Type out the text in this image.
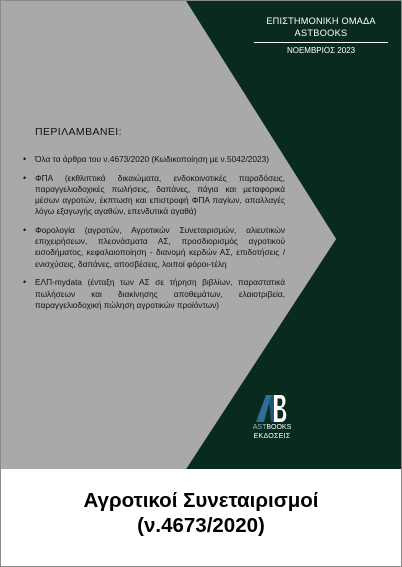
ΕΠΙΣΤΗΜΟΝΙΚΗ ΟΜΑΔΑ
ASTBOOKS
ΝΟΕΜΒΡΙΟΣ 2023
ΠΕΡΙΛΑΜΒΑΝΕΙ:
• Όλα τα άρθρα του ν.4673/2020 (Κωδικοποίηση με ν.5042/2023)
• ΦΠΑ (εκθλιπτικά δικαιώματα, ενδοκοινοτικές παραδόσεις, παραγγελιοδοχικές πωλήσεις, δαπάνες, πάγια και μεταφορικά μέσων αγροτών, έκπτωση και επιστροφή ΦΠΑ παγίων, απαλλαγές λόγω εξαγωγής αγαθών, επενδυτικά αγαθά)
• Φορολογία (αγροτών, Αγροτικών Συνεταιρισμών, αλιευτικών επιχειρήσεων, πλεονάσματα ΑΣ, προσδιορισμός αγροτικού εισοδήματος, κεφαλαιοποίηση - διανομή κερδών ΑΣ, επιδοτήσεις / ενισχύσεις, δαπάνες, αποσβέσεις, λοιποί φόροι-τέλη
• ΕΛΠ-mydata (ένταξη των ΑΣ σε τήρηση βιβλίων, παραστατικά πωλήσεων και διακίνησης αποθεμάτων, ελαιοτριβεία, παραγγελιοδοχική πώληση αγροτικών προϊόντων)
ASTBOOKS
ΕΚΔΟΣΕΙΣ
Αγροτικοί Συνεταιρισμοί
(ν.4673/2020)
